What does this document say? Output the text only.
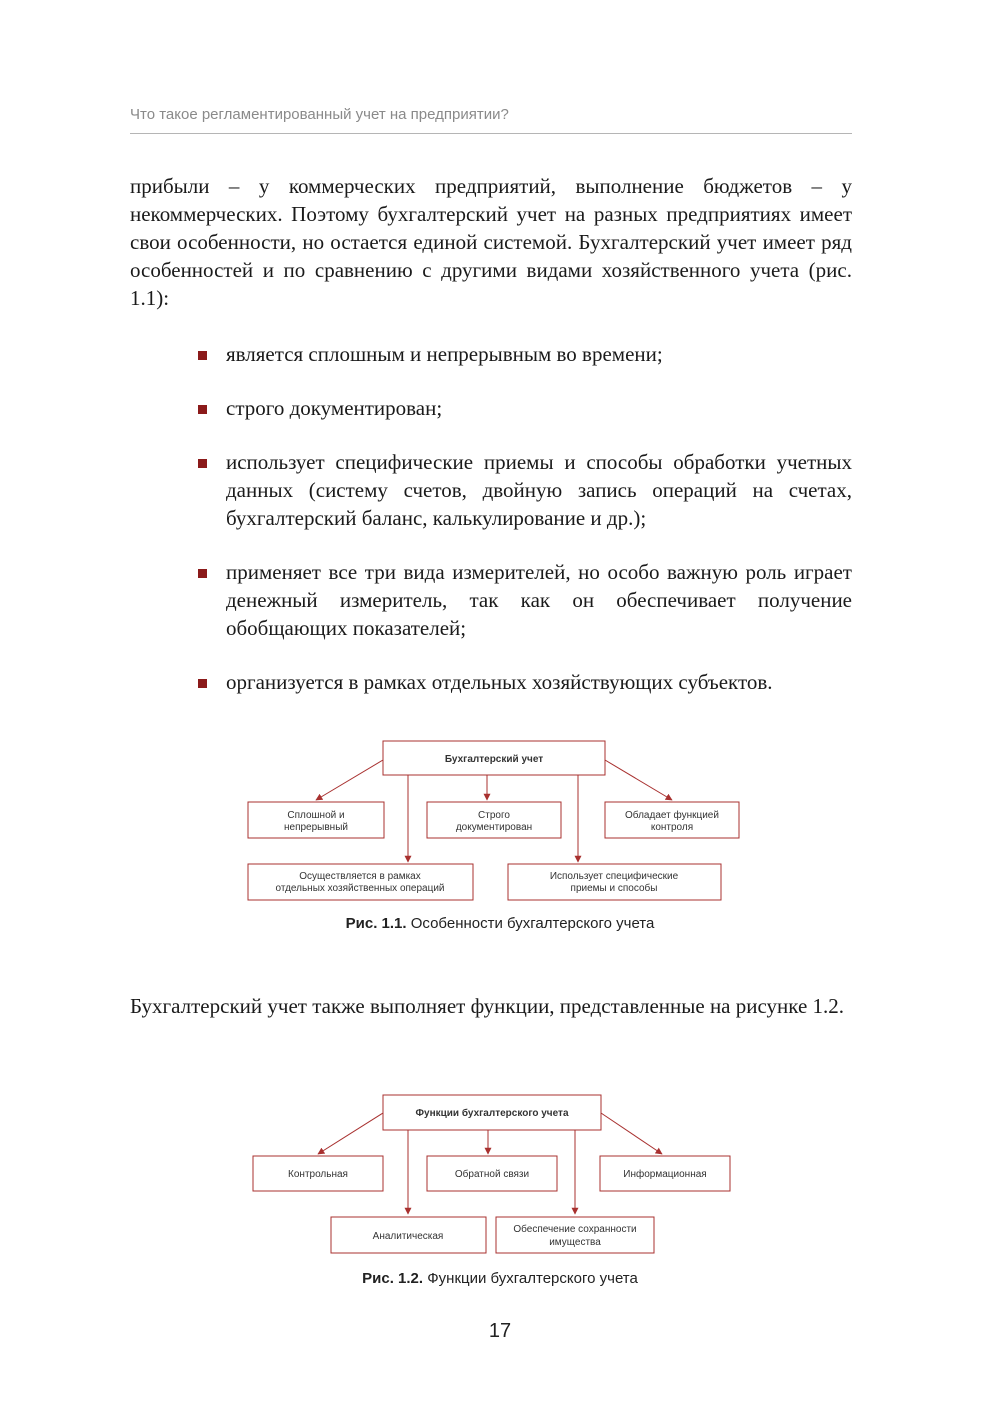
Что такое регламентированный учет на предприятии?

прибыли – у коммерческих предприятий, выполнение бюджетов – у некоммерческих. Поэтому бухгалтерский учет на разных предприятиях имеет свои особенности, но остается единой системой. Бухгалтерский учет имеет ряд особенностей и по сравнению с другими видами хозяйственного учета (рис. 1.1):

является сплошным и непрерывным во времени;
строго документирован;
использует специфические приемы и способы обработки учетных данных (систему счетов, двойную запись операций на счетах, бухгалтерский баланс, калькулирование и др.);
применяет все три вида измерителей, но особо важную роль играет денежный измеритель, так как он обеспечивает получение обобщающих показателей;
организуется в рамках отдельных хозяйствующих субъектов.
Бухгалтерский учет
Сплошной и
непрерывный
Строго
документирован
Обладает функцией
контроля
Осуществляется в рамках
отдельных хозяйственных операций
Использует специфические
приемы и способы
Функции бухгалтерского учета
Контрольная	Обратной связи	Информационная
Аналитическая
Обеспечение сохранности
имущества
Рис. 1.1. Особенности бухгалтерского учета

Бухгалтерский учет также выполняет функции, представленные на рисунке 1.2.

Рис. 1.2. Функции бухгалтерского учета
17
